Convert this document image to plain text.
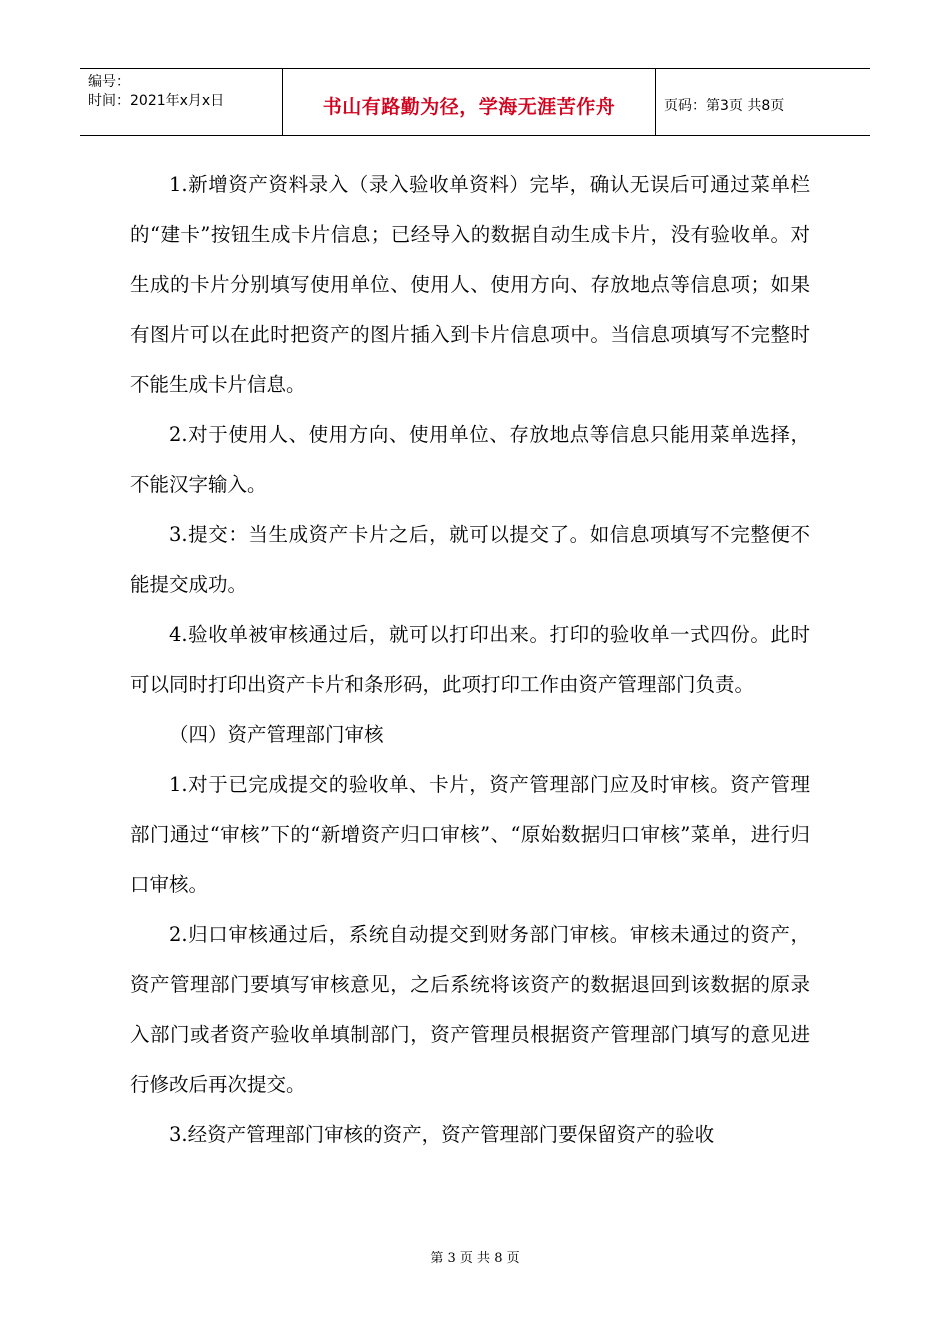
编号：
时间：2021年x月x日	书山有路勤为径，学海无涯苦作舟	页码：第3页 共8页

1.新增资产资料录入（录入验收单资料）完毕，确认无误后可通过菜单栏的“建卡”按钮生成卡片信息；已经导入的数据自动生成卡片，没有验收单。对生成的卡片分别填写使用单位、使用人、使用方向、存放地点等信息项；如果有图片可以在此时把资产的图片插入到卡片信息项中。当信息项填写不完整时不能生成卡片信息。

2.对于使用人、使用方向、使用单位、存放地点等信息只能用菜单选择，不能汉字输入。

3.提交：当生成资产卡片之后，就可以提交了。如信息项填写不完整便不能提交成功。

4.验收单被审核通过后，就可以打印出来。打印的验收单一式四份。此时可以同时打印出资产卡片和条形码，此项打印工作由资产管理部门负责。

（四）资产管理部门审核

1.对于已完成提交的验收单、卡片，资产管理部门应及时审核。资产管理部门通过“审核”下的“新增资产归口审核”、“原始数据归口审核”菜单，进行归口审核。

2.归口审核通过后，系统自动提交到财务部门审核。审核未通过的资产，资产管理部门要填写审核意见，之后系统将该资产的数据退回到该数据的原录入部门或者资产验收单填制部门，资产管理员根据资产管理部门填写的意见进行修改后再次提交。

3.经资产管理部门审核的资产，资产管理部门要保留资产的验收

第 3 页 共 8 页
